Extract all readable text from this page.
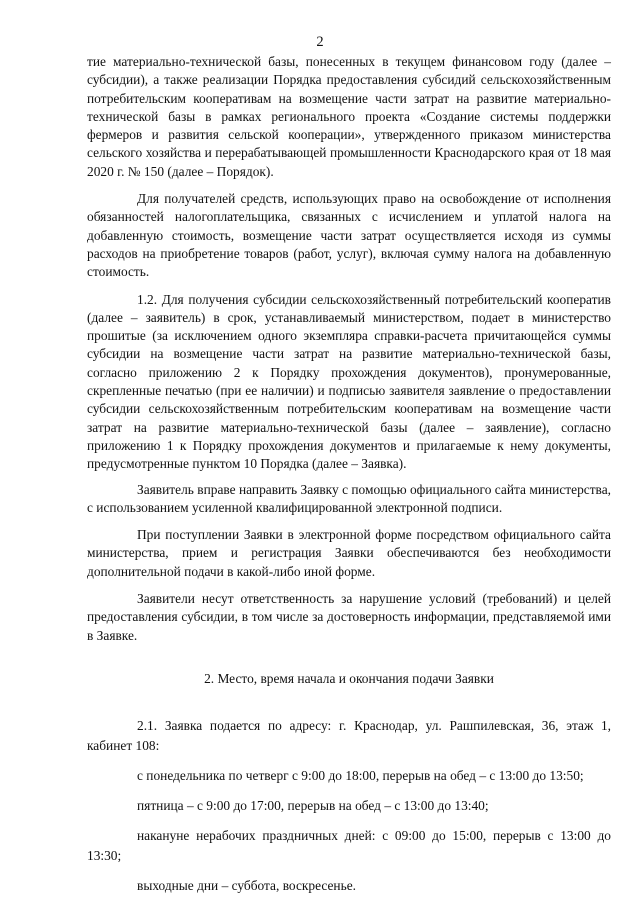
2

тие материально-технической базы, понесенных в текущем финансовом году (далее – субсидии), а также реализации Порядка предоставления субсидий сельскохозяйственным потребительским кооперативам на возмещение части затрат на развитие материально-технической базы в рамках регионального проекта «Создание системы поддержки фермеров и развития сельской кооперации», утвержденного приказом министерства сельского хозяйства и перерабатывающей промышленности Краснодарского края от 18 мая 2020 г. № 150 (далее – Порядок).

Для получателей средств, использующих право на освобождение от исполнения обязанностей налогоплательщика, связанных с исчислением и уплатой налога на добавленную стоимость, возмещение части затрат осуществляется исходя из суммы расходов на приобретение товаров (работ, услуг), включая сумму налога на добавленную стоимость.

1.2. Для получения субсидии сельскохозяйственный потребительский кооператив (далее – заявитель) в срок, устанавливаемый министерством, подает в министерство прошитые (за исключением одного экземпляра справки-расчета причитающейся суммы субсидии на возмещение части затрат на развитие материально-технической базы, согласно приложению 2 к Порядку прохождения документов), пронумерованные, скрепленные печатью (при ее наличии) и подписью заявителя заявление о предоставлении субсидии сельскохозяйственным потребительским кооперативам на возмещение части затрат на развитие материально-технической базы (далее – заявление), согласно приложению 1 к Порядку прохождения документов и прилагаемые к нему документы, предусмотренные пунктом 10 Порядка (далее – Заявка).

Заявитель вправе направить Заявку с помощью официального сайта министерства, с использованием усиленной квалифицированной электронной подписи.

При поступлении Заявки в электронной форме посредством официального сайта министерства, прием и регистрация Заявки обеспечиваются без необходимости дополнительной подачи в какой-либо иной форме.

Заявители несут ответственность за нарушение условий (требований) и целей предоставления субсидии, в том числе за достоверность информации, представляемой ими в Заявке.

2. Место, время начала и окончания подачи Заявки

2.1. Заявка подается по адресу: г. Краснодар, ул. Рашпилевская, 36, этаж 1, кабинет 108:

с понедельника по четверг с 9:00 до 18:00, перерыв на обед – с 13:00 до 13:50;

пятница – с 9:00 до 17:00, перерыв на обед – с 13:00 до 13:40;

накануне нерабочих праздничных дней: с 09:00 до 15:00, перерыв с 13:00 до 13:30;

выходные дни – суббота, воскресенье.
